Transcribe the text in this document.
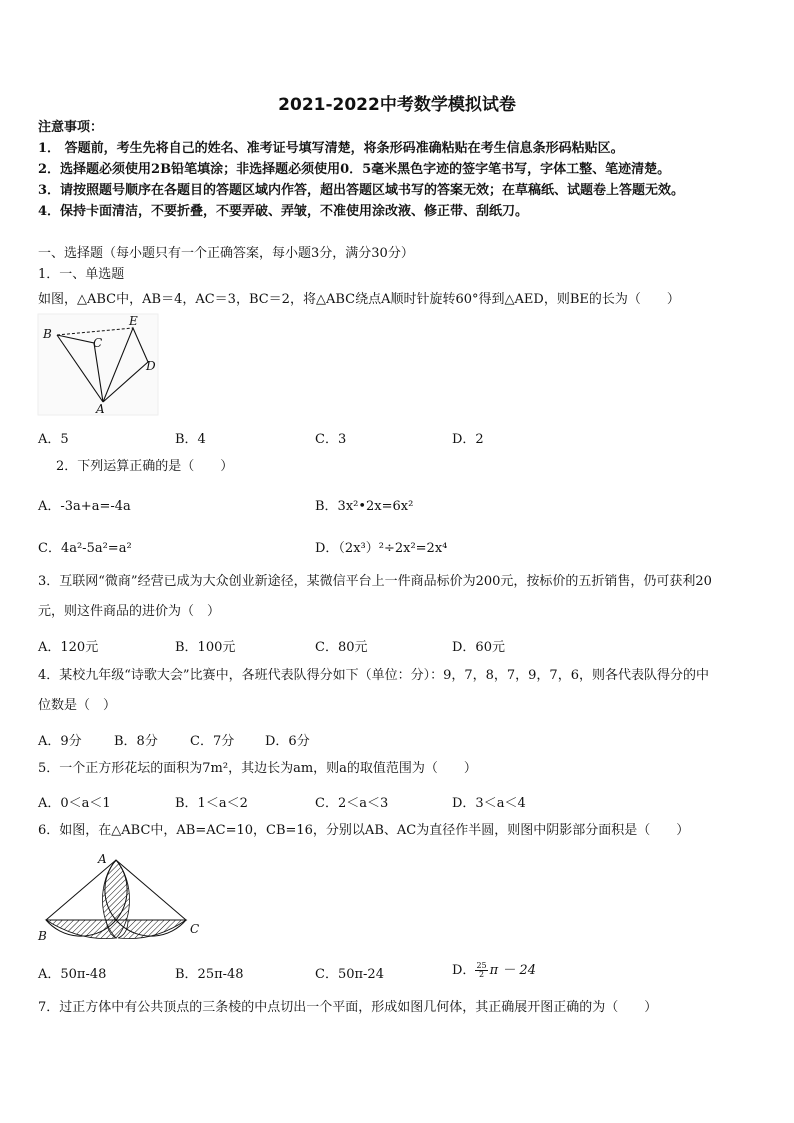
2021-2022中考数学模拟试卷
注意事项：
1． 答题前，考生先将自己的姓名、准考证号填写清楚，将条形码准确粘贴在考生信息条形码粘贴区。
2．选择题必须使用2B铅笔填涂；非选择题必须使用0．5毫米黑色字迹的签字笔书写，字体工整、笔迹清楚。
3．请按照题号顺序在各题目的答题区域内作答，超出答题区域书写的答案无效；在草稿纸、试题卷上答题无效。
4．保持卡面清洁，不要折叠，不要弄破、弄皱，不准使用涂改液、修正带、刮纸刀。
一、选择题（每小题只有一个正确答案，每小题3分，满分30分）
1．一、单选题
如图，△ABC中，AB＝4，AC＝3，BC＝2，将△ABC绕点A顺时针旋转60°得到△AED，则BE的长为（　　）
B
C
E
D
A
A．5	B．4	C．3	D．2
2．下列运算正确的是（　　）
A．-3a+a=-4a	B．3x²•2x=6x²
C．4a²-5a²=a²	D．（2x³）²÷2x²=2x⁴
3．互联网“微商”经营已成为大众创业新途径，某微信平台上一件商品标价为200元，按标价的五折销售，仍可获利20
元，则这件商品的进价为（　）
A．120元	B．100元	C．80元	D．60元
4．某校九年级“诗歌大会”比赛中，各班代表队得分如下（单位：分）：9，7，8，7，9，7，6，则各代表队得分的中
位数是（　）
A．9分 B．8分 C．7分 D．6分
5．一个正方形花坛的面积为7m²，其边长为am，则a的取值范围为（　　）
A．0＜a＜1	B．1＜a＜2	C．2＜a＜3	D．3＜a＜4
6．如图，在△ABC中，AB=AC=10，CB=16，分别以AB、AC为直径作半圆，则图中阴影部分面积是（　　）
A
B	C
A．50π-48	B．25π-48	C．50π-24	D． $\frac{25}{2}$ π － 24
7．过正方体中有公共顶点的三条棱的中点切出一个平面，形成如图几何体，其正确展开图正确的为（　　）
